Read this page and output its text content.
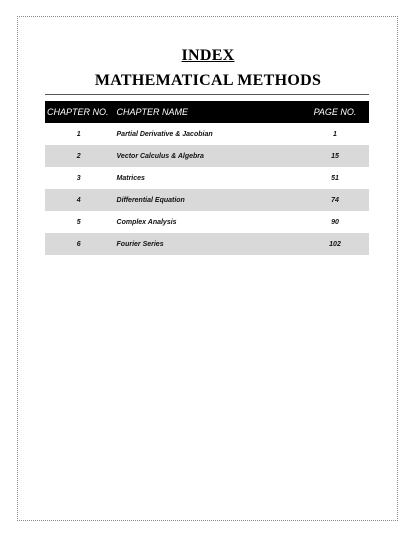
INDEX
MATHEMATICAL METHODS
CHAPTER NO.	CHAPTER NAME	PAGE NO.
1	Partial Derivative & Jacobian	1
2	Vector Calculus & Algebra	15
3	Matrices	51
4	Differential Equation	74
5	Complex Analysis	90
6	Fourier Series	102
